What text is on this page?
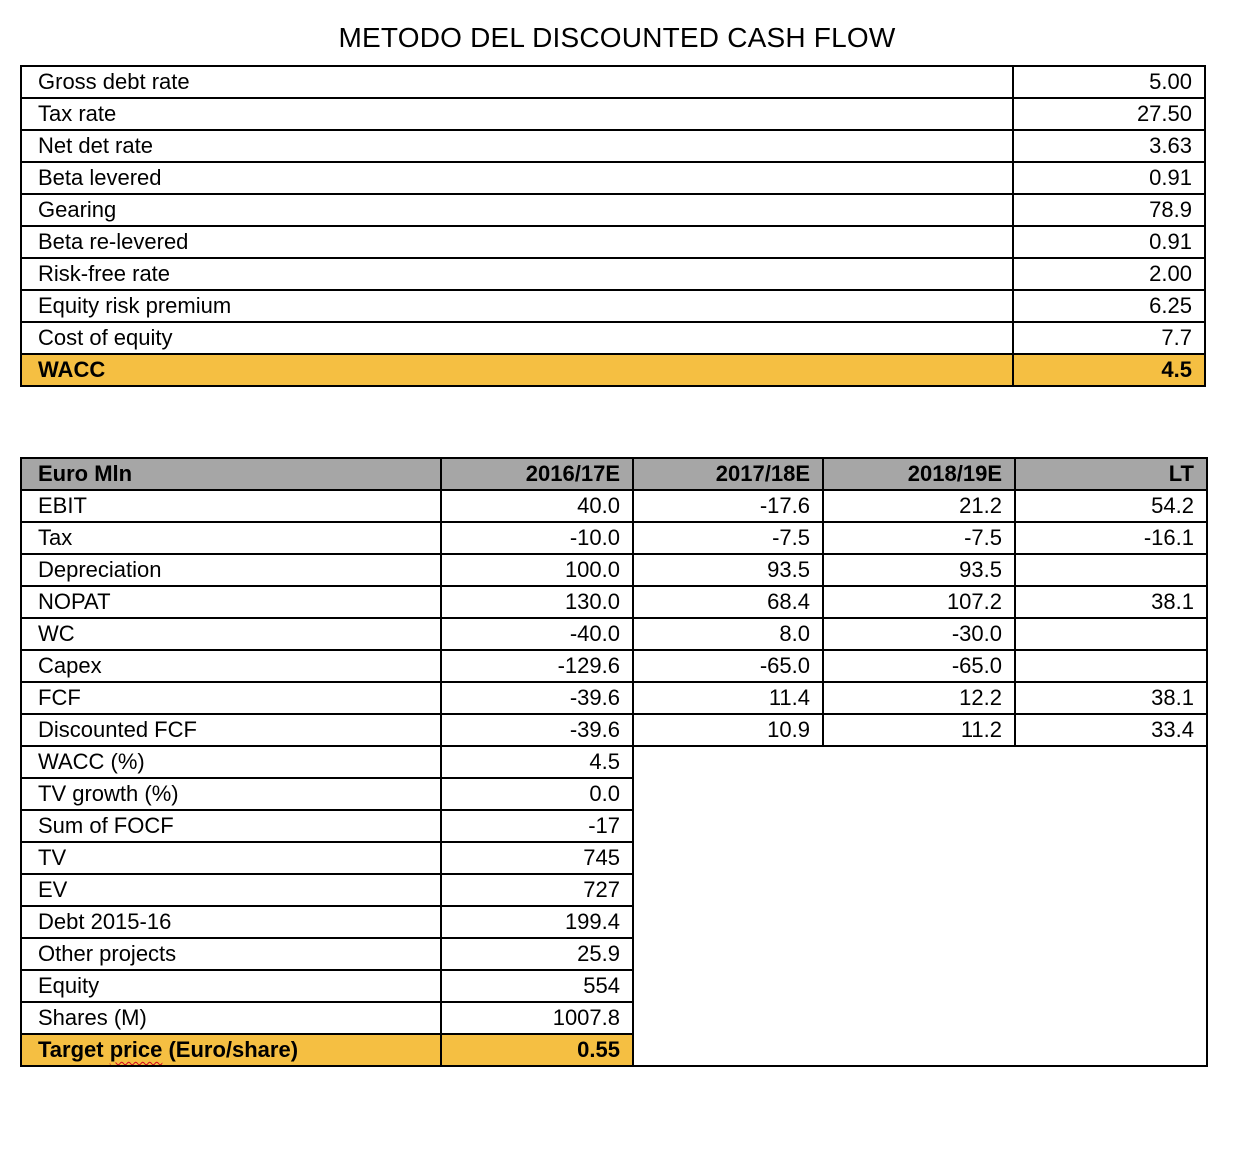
METODO DEL DISCOUNTED CASH FLOW
Gross debt rate	5.00
Tax rate	27.50
Net det rate	3.63
Beta levered	0.91
Gearing	78.9
Beta re-levered	0.91
Risk-free rate	2.00
Equity risk premium	6.25
Cost of equity	7.7
WACC	4.5
Euro Mln	2016/17E	2017/18E	2018/19E	LT
EBIT	40.0	-17.6	21.2	54.2
Tax	-10.0	-7.5	-7.5	-16.1
Depreciation	100.0	93.5	93.5	
NOPAT	130.0	68.4	107.2	38.1
WC	-40.0	8.0	-30.0	
Capex	-129.6	-65.0	-65.0	
FCF	-39.6	11.4	12.2	38.1
Discounted FCF	-39.6	10.9	11.2	33.4
WACC (%)	4.5			
TV growth (%)	0.0			
Sum of FOCF	-17			
TV	745			
EV	727			
Debt 2015-16	199.4			
Other projects	25.9			
Equity	554			
Shares (M)	1007.8			
Target price (Euro/share)	0.55			
